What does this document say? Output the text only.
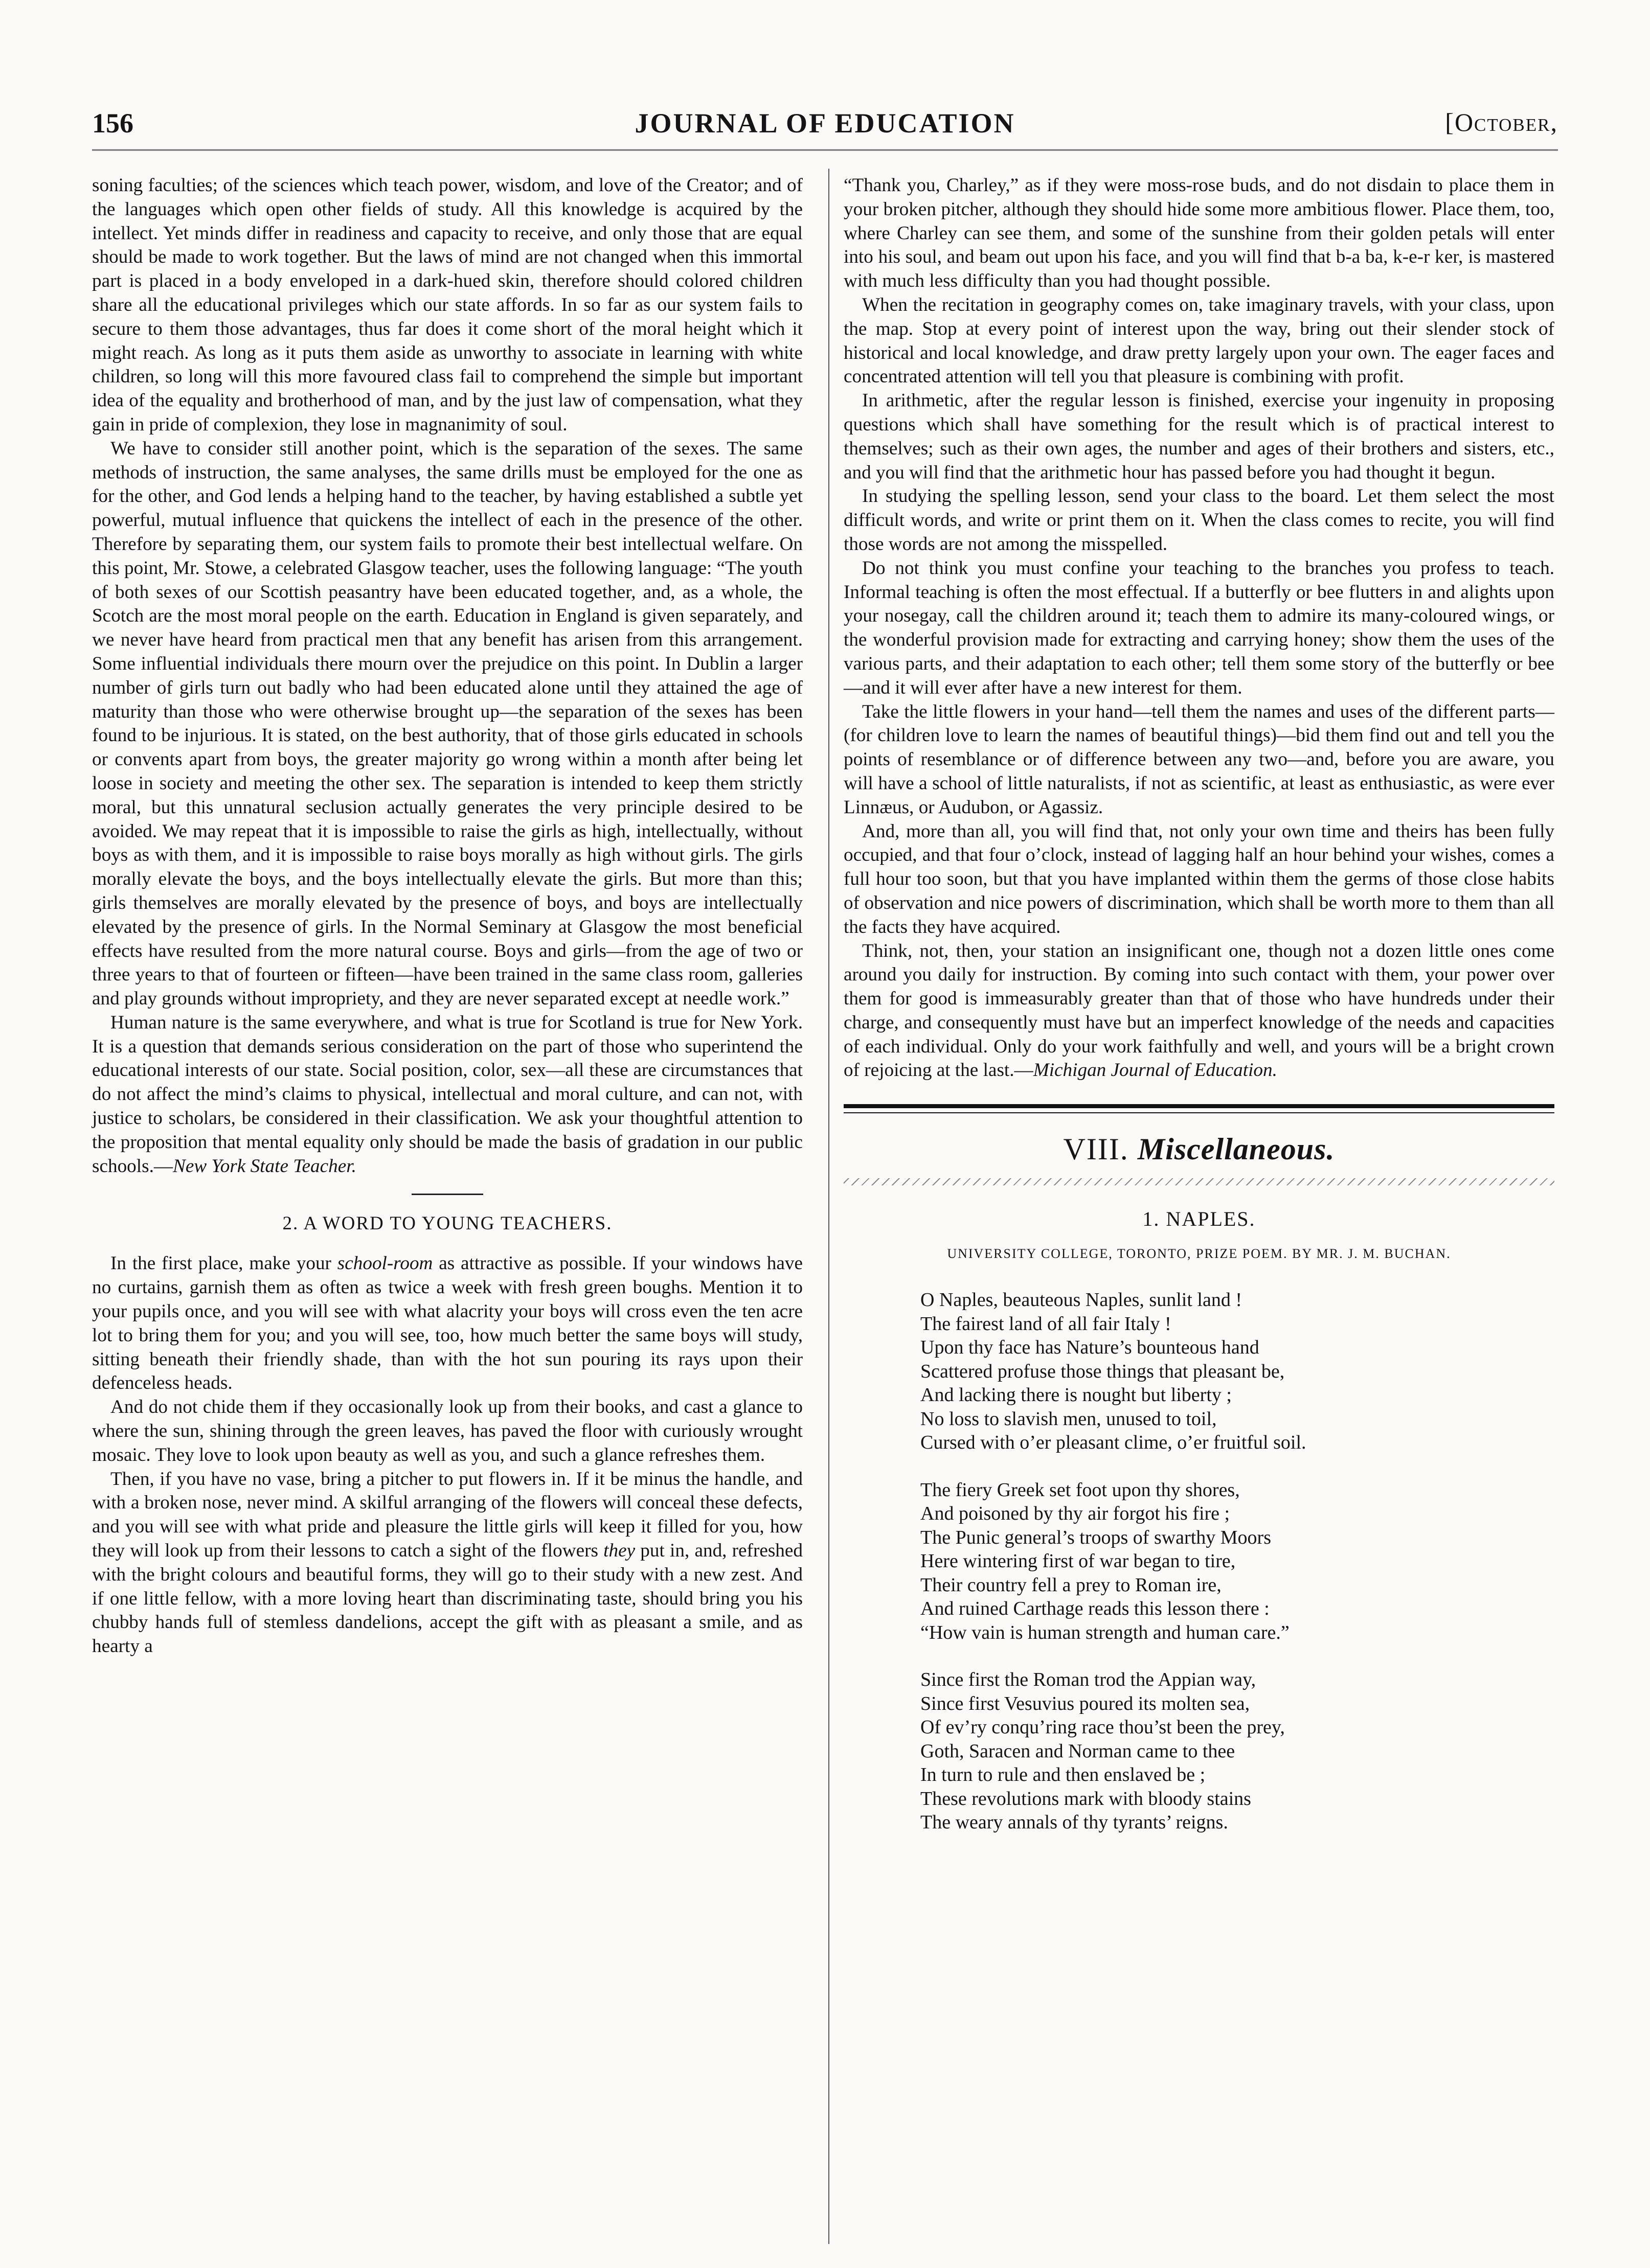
156	JOURNAL OF EDUCATION	[October,

soning faculties; of the sciences which teach power, wisdom, and love of the Creator; and of the languages which open other fields of study. All this knowledge is acquired by the intellect. Yet minds differ in readiness and capacity to receive, and only those that are equal should be made to work together. But the laws of mind are not changed when this immortal part is placed in a body enveloped in a dark-hued skin, therefore should colored children share all the educational privileges which our state affords. In so far as our system fails to secure to them those advantages, thus far does it come short of the moral height which it might reach. As long as it puts them aside as unworthy to associate in learning with white children, so long will this more favoured class fail to comprehend the simple but important idea of the equality and brotherhood of man, and by the just law of compensation, what they gain in pride of complexion, they lose in magnanimity of soul.

We have to consider still another point, which is the separation of the sexes. The same methods of instruction, the same analyses, the same drills must be employed for the one as for the other, and God lends a helping hand to the teacher, by having established a subtle yet powerful, mutual influence that quickens the intellect of each in the presence of the other. Therefore by separating them, our system fails to promote their best intellectual welfare. On this point, Mr. Stowe, a celebrated Glasgow teacher, uses the following language: “The youth of both sexes of our Scottish peasantry have been educated together, and, as a whole, the Scotch are the most moral people on the earth. Education in England is given separately, and we never have heard from practical men that any benefit has arisen from this arrangement. Some influential individuals there mourn over the prejudice on this point. In Dublin a larger number of girls turn out badly who had been educated alone until they attained the age of maturity than those who were otherwise brought up—the separation of the sexes has been found to be injurious. It is stated, on the best authority, that of those girls educated in schools or convents apart from boys, the greater majority go wrong within a month after being let loose in society and meeting the other sex. The separation is intended to keep them strictly moral, but this unnatural seclusion actually generates the very principle desired to be avoided. We may repeat that it is impossible to raise the girls as high, intellectually, without boys as with them, and it is impossible to raise boys morally as high without girls. The girls morally elevate the boys, and the boys intellectually elevate the girls. But more than this; girls themselves are morally elevated by the presence of boys, and boys are intellectually elevated by the presence of girls. In the Normal Seminary at Glasgow the most beneficial effects have resulted from the more natural course. Boys and girls—from the age of two or three years to that of fourteen or fifteen—have been trained in the same class room, galleries and play grounds without impropriety, and they are never separated except at needle work.”

Human nature is the same everywhere, and what is true for Scotland is true for New York. It is a question that demands serious consideration on the part of those who superintend the educational interests of our state. Social position, color, sex—all these are circumstances that do not affect the mind’s claims to physical, intellectual and moral culture, and can not, with justice to scholars, be considered in their classification. We ask your thoughtful attention to the proposition that mental equality only should be made the basis of gradation in our public schools.—New York State Teacher.

2. A WORD TO YOUNG TEACHERS.

In the first place, make your school-room as attractive as possible. If your windows have no curtains, garnish them as often as twice a week with fresh green boughs. Mention it to your pupils once, and you will see with what alacrity your boys will cross even the ten acre lot to bring them for you; and you will see, too, how much better the same boys will study, sitting beneath their friendly shade, than with the hot sun pouring its rays upon their defenceless heads.

And do not chide them if they occasionally look up from their books, and cast a glance to where the sun, shining through the green leaves, has paved the floor with curiously wrought mosaic. They love to look upon beauty as well as you, and such a glance refreshes them.

Then, if you have no vase, bring a pitcher to put flowers in. If it be minus the handle, and with a broken nose, never mind. A skilful arranging of the flowers will conceal these defects, and you will see with what pride and pleasure the little girls will keep it filled for you, how they will look up from their lessons to catch a sight of the flowers they put in, and, refreshed with the bright colours and beautiful forms, they will go to their study with a new zest. And if one little fellow, with a more loving heart than discriminating taste, should bring you his chubby hands full of stemless dandelions, accept the gift with as pleasant a smile, and as hearty a

“Thank you, Charley,” as if they were moss-rose buds, and do not disdain to place them in your broken pitcher, although they should hide some more ambitious flower. Place them, too, where Charley can see them, and some of the sunshine from their golden petals will enter into his soul, and beam out upon his face, and you will find that b-a ba, k-e-r ker, is mastered with much less difficulty than you had thought possible.

When the recitation in geography comes on, take imaginary travels, with your class, upon the map. Stop at every point of interest upon the way, bring out their slender stock of historical and local knowledge, and draw pretty largely upon your own. The eager faces and concentrated attention will tell you that pleasure is combining with profit.

In arithmetic, after the regular lesson is finished, exercise your ingenuity in proposing questions which shall have something for the result which is of practical interest to themselves; such as their own ages, the number and ages of their brothers and sisters, etc., and you will find that the arithmetic hour has passed before you had thought it begun.

In studying the spelling lesson, send your class to the board. Let them select the most difficult words, and write or print them on it. When the class comes to recite, you will find those words are not among the misspelled.

Do not think you must confine your teaching to the branches you profess to teach. Informal teaching is often the most effectual. If a butterfly or bee flutters in and alights upon your nosegay, call the children around it; teach them to admire its many-coloured wings, or the wonderful provision made for extracting and carrying honey; show them the uses of the various parts, and their adaptation to each other; tell them some story of the butterfly or bee—and it will ever after have a new interest for them.

Take the little flowers in your hand—tell them the names and uses of the different parts—(for children love to learn the names of beautiful things)—bid them find out and tell you the points of resemblance or of difference between any two—and, before you are aware, you will have a school of little naturalists, if not as scientific, at least as enthusiastic, as were ever Linnæus, or Audubon, or Agassiz.

And, more than all, you will find that, not only your own time and theirs has been fully occupied, and that four o’clock, instead of lagging half an hour behind your wishes, comes a full hour too soon, but that you have implanted within them the germs of those close habits of observation and nice powers of discrimination, which shall be worth more to them than all the facts they have acquired.

Think, not, then, your station an insignificant one, though not a dozen little ones come around you daily for instruction. By coming into such contact with them, your power over them for good is immeasurably greater than that of those who have hundreds under their charge, and consequently must have but an imperfect knowledge of the needs and capacities of each individual. Only do your work faithfully and well, and yours will be a bright crown of rejoicing at the last.—Michigan Journal of Education.

VIII. Miscellaneous.
1. NAPLES.
UNIVERSITY COLLEGE, TORONTO, PRIZE POEM. BY MR. J. M. BUCHAN.
O Naples, beauteous Naples, sunlit land !
The fairest land of all fair Italy !
Upon thy face has Nature’s bounteous hand
Scattered profuse those things that pleasant be,
And lacking there is nought but liberty ;
No loss to slavish men, unused to toil,
Cursed with o’er pleasant clime, o’er fruitful soil.
The fiery Greek set foot upon thy shores,
And poisoned by thy air forgot his fire ;
The Punic general’s troops of swarthy Moors
Here wintering first of war began to tire,
Their country fell a prey to Roman ire,
And ruined Carthage reads this lesson there :
“How vain is human strength and human care.”
Since first the Roman trod the Appian way,
Since first Vesuvius poured its molten sea,
Of ev’ry conqu’ring race thou’st been the prey,
Goth, Saracen and Norman came to thee
In turn to rule and then enslaved be ;
These revolutions mark with bloody stains
The weary annals of thy tyrants’ reigns.
